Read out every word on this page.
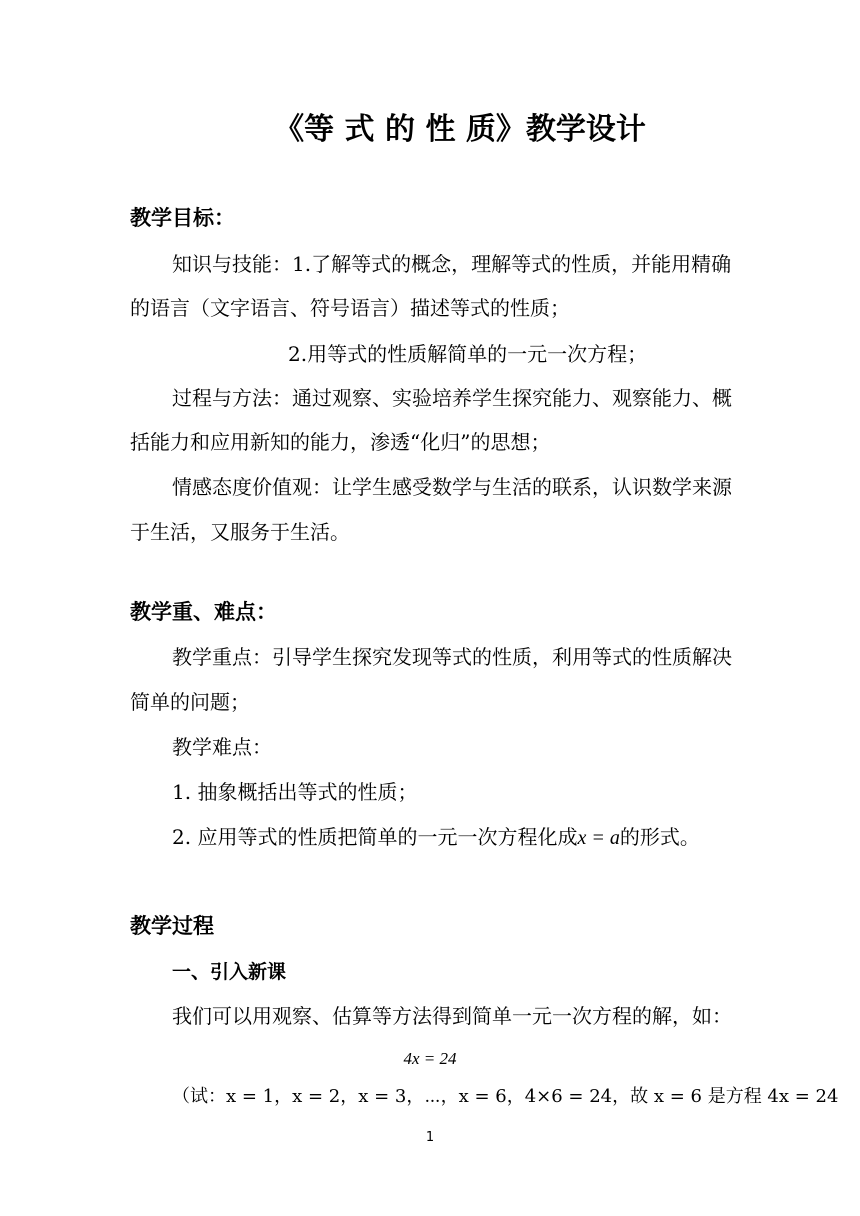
《等 式 的 性 质》教学设计
教学目标：
知识与技能：1.了解等式的概念，理解等式的性质，并能用精确
的语言（文字语言、符号语言）描述等式的性质；
2.用等式的性质解简单的一元一次方程；
过程与方法：通过观察、实验培养学生探究能力、观察能力、概
括能力和应用新知的能力，渗透“化归”的思想；
情感态度价值观：让学生感受数学与生活的联系，认识数学来源
于生活，又服务于生活。
教学重、难点：
教学重点：引导学生探究发现等式的性质，利用等式的性质解决
简单的问题；
教学难点：
1. 抽象概括出等式的性质；
2. 应用等式的性质把简单的一元一次方程化成x = a的形式。
教学过程
一、引入新课
我们可以用观察、估算等方法得到简单一元一次方程的解，如：
4x = 24
（试：x = 1，x = 2，x = 3，⋯，x = 6，4×6 = 24，故 x = 6 是方程 4x = 24
1
